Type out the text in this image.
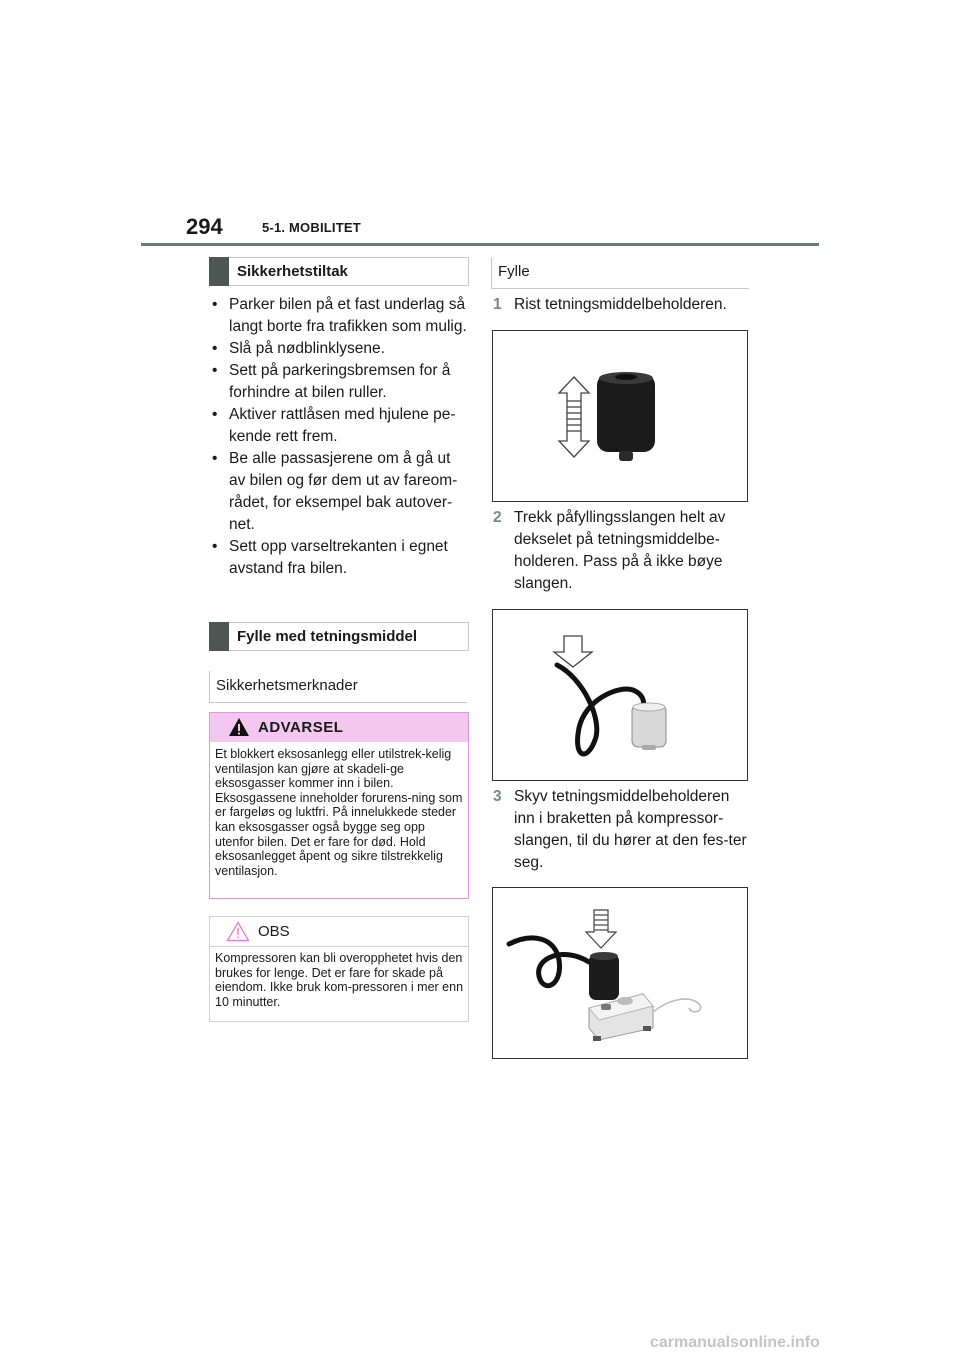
294	5-1. MOBILITET
Sikkerhetstiltak
• Parker bilen på et fast underlag så langt borte fra trafikken som mulig.
• Slå på nødblinklysene.
• Sett på parkeringsbremsen for å forhindre at bilen ruller.
• Aktiver rattlåsen med hjulene pe-kende rett frem.
• Be alle passasjerene om å gå ut av bilen og før dem ut av fareom-rådet, for eksempel bak autover-net.
• Sett opp varseltrekanten i egnet avstand fra bilen.
Fylle med tetningsmiddel
Sikkerhetsmerknader
ADVARSEL

Et blokkert eksosanlegg eller utilstrek-kelig ventilasjon kan gjøre at skadeli-ge eksosgasser kommer inn i bilen. Eksosgassene inneholder forurens-ning som er fargeløs og luktfri. På innelukkede steder kan eksosgasser også bygge seg opp utenfor bilen. Det er fare for død. Hold eksosanlegget åpent og sikre tilstrekkelig ventilasjon.

OBS

Kompressoren kan bli overopphetet hvis den brukes for lenge. Det er fare for skade på eiendom. Ikke bruk kom-pressoren i mer enn 10 minutter.

Fylle
1 Rist tetningsmiddelbeholderen.
2 Trekk påfyllingsslangen helt av dekselet på tetningsmiddelbe-holderen. Pass på å ikke bøye slangen.
3 Skyv tetningsmiddelbeholderen inn i braketten på kompressor-slangen, til du hører at den fes-ter seg.
carmanualsonline.info
